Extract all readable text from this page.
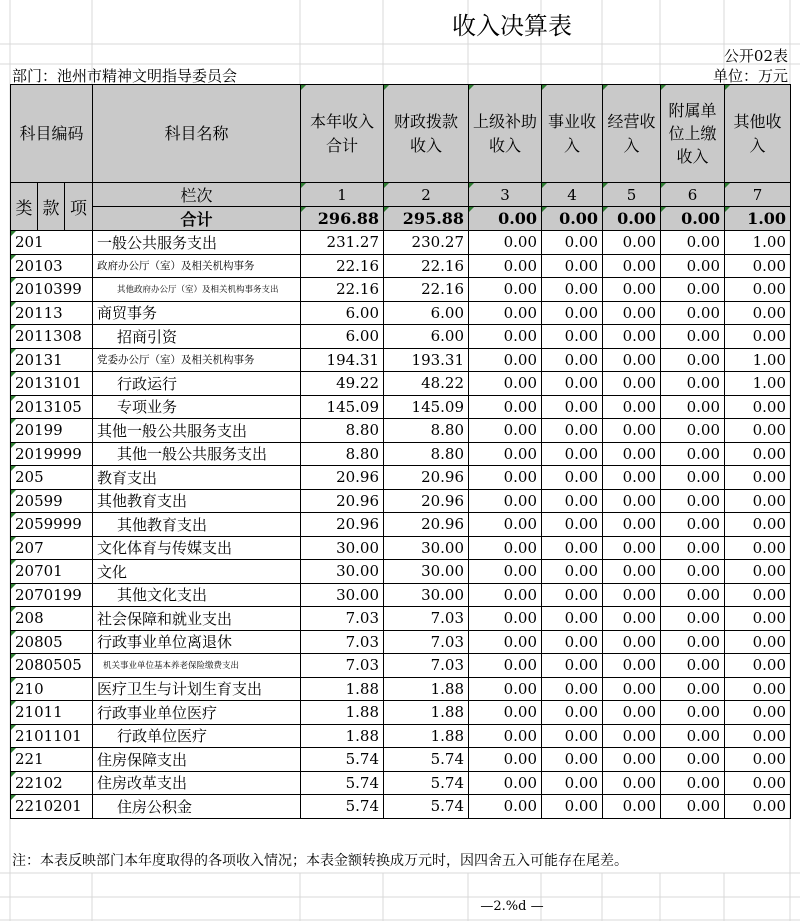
收入决算表
公开02表
部门：池州市精神文明指导委员会	单位：万元
科目编码			科目名称	本年收入合计	财政拨款收入	上级补助收入	事业收入	经营收入	附属单位上缴收入	其他收入
类	款	项	栏次	1	2	3	4	5	6	7
			合计	296.88	295.88	0.00	0.00	0.00	0.00	1.00
201			一般公共服务支出	231.27	230.27	0.00	0.00	0.00	0.00	1.00
20103			政府办公厅（室）及相关机构事务	22.16	22.16	0.00	0.00	0.00	0.00	0.00
2010399			其他政府办公厅（室）及相关机构事务支出	22.16	22.16	0.00	0.00	0.00	0.00	0.00
20113			商贸事务	6.00	6.00	0.00	0.00	0.00	0.00	0.00
2011308			招商引资	6.00	6.00	0.00	0.00	0.00	0.00	0.00
20131			党委办公厅（室）及相关机构事务	194.31	193.31	0.00	0.00	0.00	0.00	1.00
2013101			行政运行	49.22	48.22	0.00	0.00	0.00	0.00	1.00
2013105			专项业务	145.09	145.09	0.00	0.00	0.00	0.00	0.00
20199			其他一般公共服务支出	8.80	8.80	0.00	0.00	0.00	0.00	0.00
2019999			其他一般公共服务支出	8.80	8.80	0.00	0.00	0.00	0.00	0.00
205			教育支出	20.96	20.96	0.00	0.00	0.00	0.00	0.00
20599			其他教育支出	20.96	20.96	0.00	0.00	0.00	0.00	0.00
2059999			其他教育支出	20.96	20.96	0.00	0.00	0.00	0.00	0.00
207			文化体育与传媒支出	30.00	30.00	0.00	0.00	0.00	0.00	0.00
20701			文化	30.00	30.00	0.00	0.00	0.00	0.00	0.00
2070199			其他文化支出	30.00	30.00	0.00	0.00	0.00	0.00	0.00
208			社会保障和就业支出	7.03	7.03	0.00	0.00	0.00	0.00	0.00
20805			行政事业单位离退休	7.03	7.03	0.00	0.00	0.00	0.00	0.00
2080505			机关事业单位基本养老保险缴费支出	7.03	7.03	0.00	0.00	0.00	0.00	0.00
210			医疗卫生与计划生育支出	1.88	1.88	0.00	0.00	0.00	0.00	0.00
21011			行政事业单位医疗	1.88	1.88	0.00	0.00	0.00	0.00	0.00
2101101			行政单位医疗	1.88	1.88	0.00	0.00	0.00	0.00	0.00
221			住房保障支出	5.74	5.74	0.00	0.00	0.00	0.00	0.00
22102			住房改革支出	5.74	5.74	0.00	0.00	0.00	0.00	0.00
2210201			住房公积金	5.74	5.74	0.00	0.00	0.00	0.00	0.00
注：本表反映部门本年度取得的各项收入情况；本表金额转换成万元时，因四舍五入可能存在尾差。
—2.%d —
